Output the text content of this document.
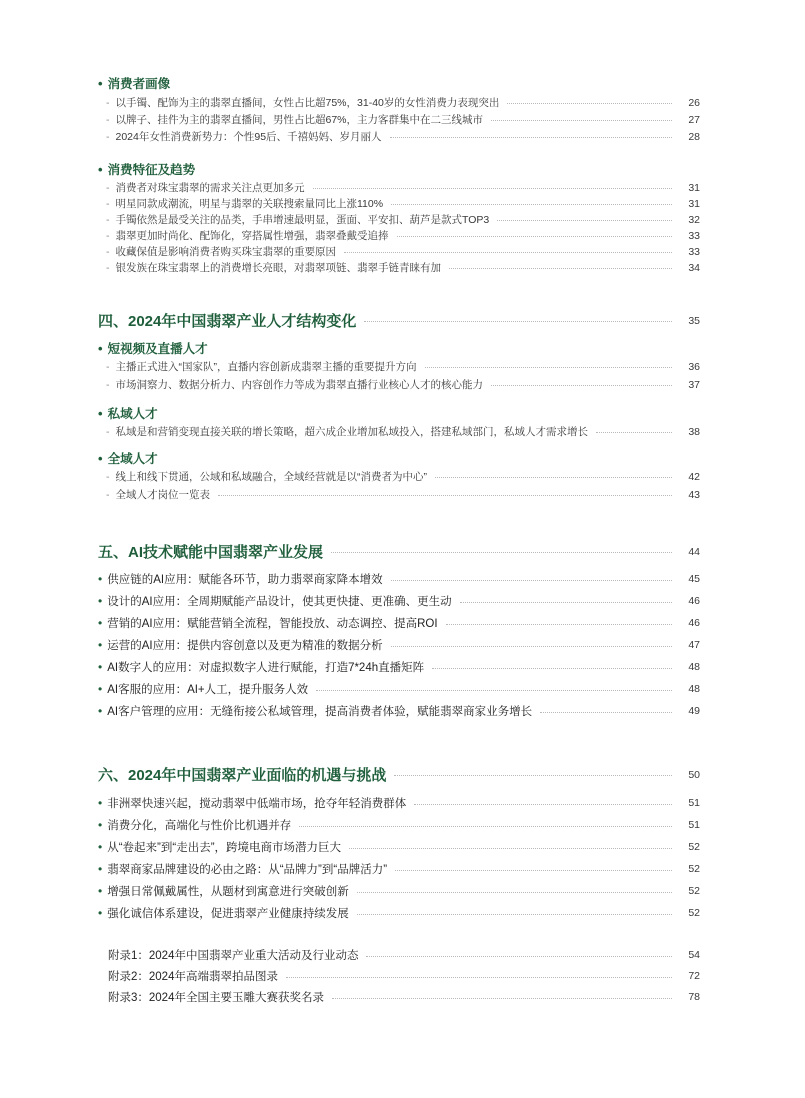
• 消费者画像
- 以手镯、配饰为主的翡翠直播间，女性占比超75%，31-40岁的女性消费力表现突出	26
- 以牌子、挂件为主的翡翠直播间，男性占比超67%，主力客群集中在二三线城市	27
- 2024年女性消费新势力：个性95后、千禧妈妈、岁月丽人	28
• 消费特征及趋势
- 消费者对珠宝翡翠的需求关注点更加多元	31
- 明星同款成潮流，明星与翡翠的关联搜索量同比上涨110%	31
- 手镯依然是最受关注的品类，手串增速最明显，蛋面、平安扣、葫芦是款式TOP3	32
- 翡翠更加时尚化、配饰化，穿搭属性增强，翡翠叠戴受追捧	33
- 收藏保值是影响消费者购买珠宝翡翠的重要原因	33
- 银发族在珠宝翡翠上的消费增长亮眼，对翡翠项链、翡翠手链青睐有加	34
四、2024年中国翡翠产业人才结构变化	35
• 短视频及直播人才
- 主播正式进入“国家队”，直播内容创新成翡翠主播的重要提升方向	36
- 市场洞察力、数据分析力、内容创作力等成为翡翠直播行业核心人才的核心能力	37
• 私域人才
- 私域是和营销变现直接关联的增长策略，超六成企业增加私域投入，搭建私域部门，私域人才需求增长	38
• 全域人才
- 线上和线下贯通，公域和私域融合，全域经营就是以“消费者为中心”	42
- 全域人才岗位一览表	43
五、AI技术赋能中国翡翠产业发展	44
• 供应链的AI应用：赋能各环节，助力翡翠商家降本增效	45
• 设计的AI应用：全周期赋能产品设计，使其更快捷、更准确、更生动	46
• 营销的AI应用：赋能营销全流程，智能投放、动态调控、提高ROI	46
• 运营的AI应用：提供内容创意以及更为精准的数据分析	47
• AI数字人的应用：对虚拟数字人进行赋能，打造7*24h直播矩阵	48
• AI客服的应用：AI+人工，提升服务人效	48
• AI客户管理的应用：无缝衔接公私域管理，提高消费者体验，赋能翡翠商家业务增长	49
六、2024年中国翡翠产业面临的机遇与挑战	50
• 非洲翠快速兴起，搅动翡翠中低端市场，抢夺年轻消费群体	51
• 消费分化，高端化与性价比机遇并存	51
• 从“卷起来”到“走出去”，跨境电商市场潜力巨大	52
• 翡翠商家品牌建设的必由之路：从“品牌力”到“品牌活力”	52
• 增强日常佩戴属性，从题材到寓意进行突破创新	52
• 强化诚信体系建设，促进翡翠产业健康持续发展	52
附录1：2024年中国翡翠产业重大活动及行业动态	54
附录2：2024年高端翡翠拍品图录	72
附录3：2024年全国主要玉雕大赛获奖名录	78
